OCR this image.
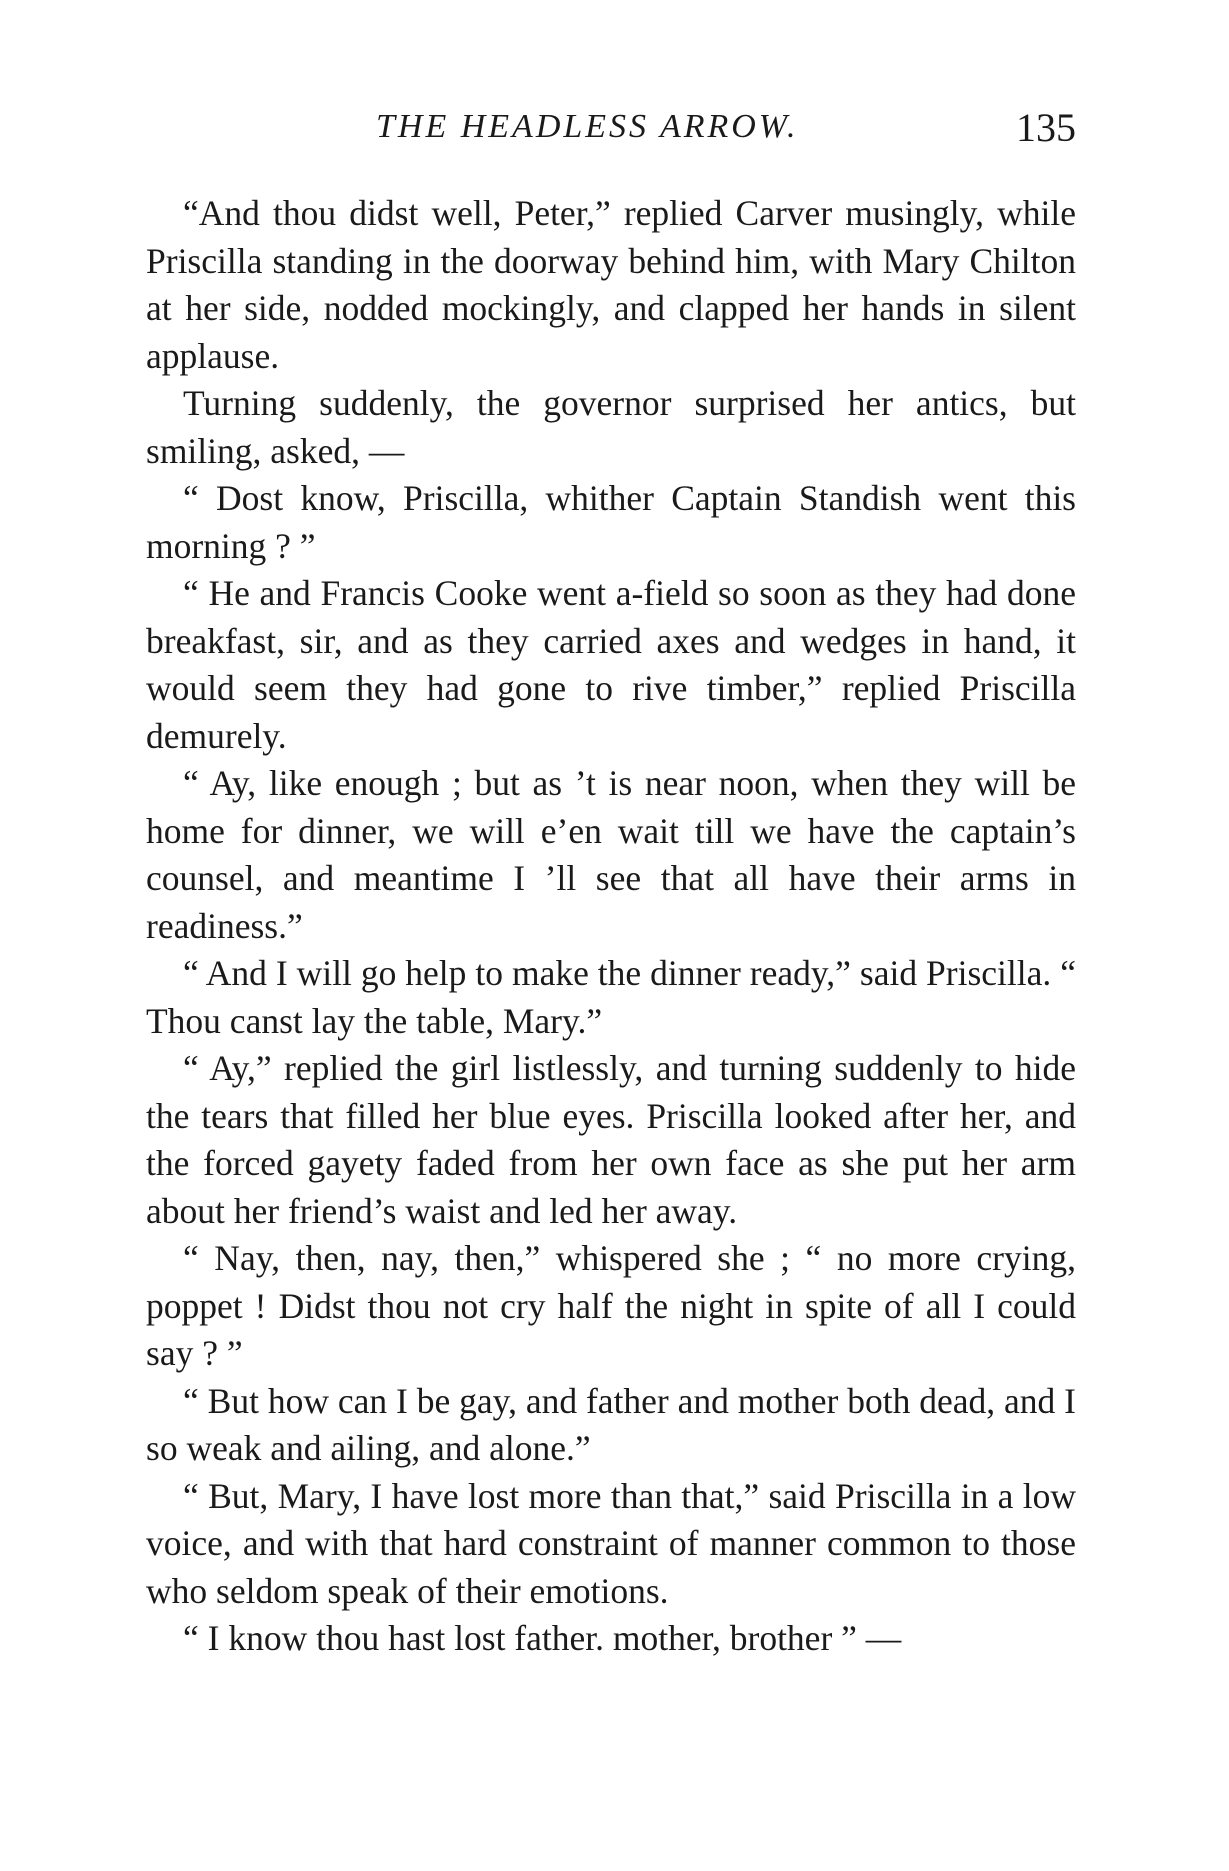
THE HEADLESS ARROW.	135

“And thou didst well, Peter,” replied Carver musingly, while Priscilla standing in the doorway behind him, with Mary Chilton at her side, nodded mockingly, and clapped her hands in silent applause.

Turning suddenly, the governor surprised her antics, but smiling, asked, —

“ Dost know, Priscilla, whither Captain Standish went this morning ? ”

“ He and Francis Cooke went a-field so soon as they had done breakfast, sir, and as they carried axes and wedges in hand, it would seem they had gone to rive timber,” replied Priscilla demurely.

“ Ay, like enough ; but as ’t is near noon, when they will be home for dinner, we will e’en wait till we have the captain’s counsel, and meantime I ’ll see that all have their arms in readiness.”

“ And I will go help to make the dinner ready,” said Priscilla. “ Thou canst lay the table, Mary.”

“ Ay,” replied the girl listlessly, and turning suddenly to hide the tears that filled her blue eyes. Priscilla looked after her, and the forced gayety faded from her own face as she put her arm about her friend’s waist and led her away.

“ Nay, then, nay, then,” whispered she ; “ no more crying, poppet ! Didst thou not cry half the night in spite of all I could say ? ”

“ But how can I be gay, and father and mother both dead, and I so weak and ailing, and alone.”

“ But, Mary, I have lost more than that,” said Priscilla in a low voice, and with that hard constraint of manner common to those who seldom speak of their emotions.

“ I know thou hast lost father. mother, brother ” —
